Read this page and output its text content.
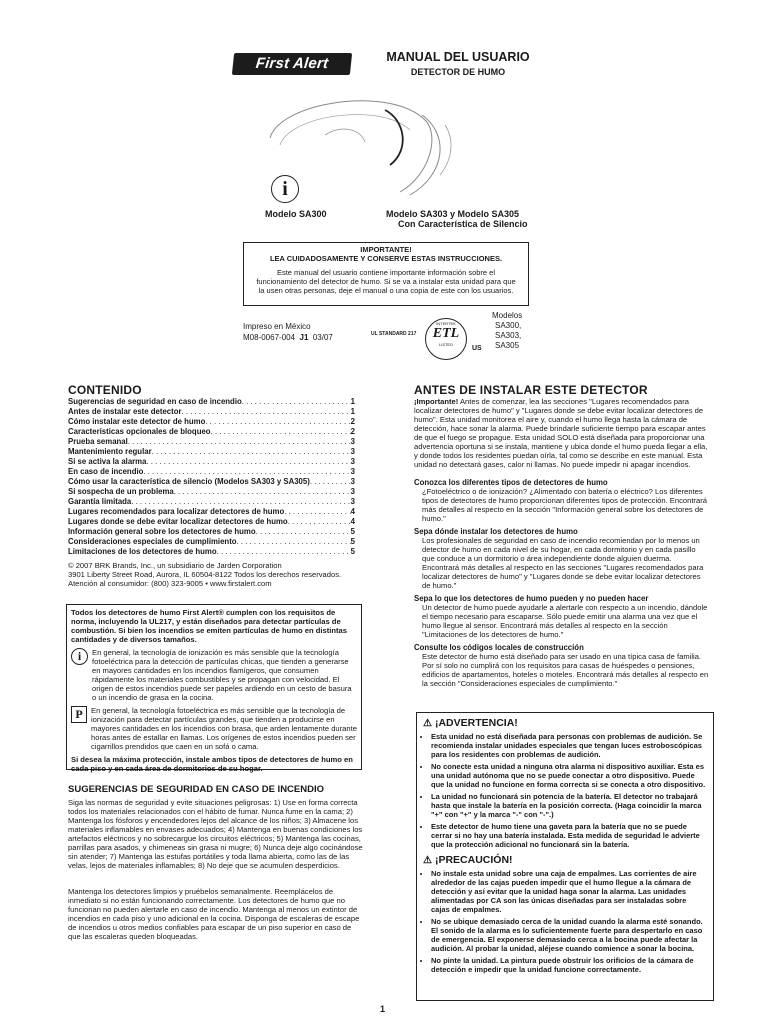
First Alert	MANUAL DEL USUARIO
DETECTOR DE HUMO
i
Modelo SA300	Modelo SA303 y Modelo SA305
Con Característica de Silencio
IMPORTANTE!
LEA CUIDADOSAMENTE Y CONSERVE ESTAS INSTRUCCIONES.
Este manual del usuario contiene importante información sobre el funcionamiento del detector de humo. Si se va a instalar esta unidad para que la usen otras personas, deje el manual o una copia de este con los usuarios.
Impreso en México
M08-0067-004 J1 03/07	UL STANDARD 217
INTERTEK
ETL
LISTED
US
Modelos
SA300,
SA303,
SA305
CONTENIDO
Sugerencias de seguridad en caso de incendio . . .	1
Antes de instalar este detector . . .	1
Cómo instalar este detector de humo . . .	2
Características opcionales de bloqueo . . .	2
Prueba semanal . . .	3
Mantenimiento regular . . .	3
Si se activa la alarma . . .	3
En caso de incendio . . .	3
Cómo usar la característica de silencio (Modelos SA303 y SA305) . . .	3
Si sospecha de un problema . . .	3
Garantía limitada . . .	3
Lugares recomendados para localizar detectores de humo . . .	4
Lugares donde se debe evitar localizar detectores de humo . . .	4
Información general sobre los detectores de humo . . .	5
Consideraciones especiales de cumplimiento . . .	5
Limitaciones de los detectores de humo . . .	5
© 2007 BRK Brands, Inc., un subsidiario de Jarden Corporation
3901 Liberty Street Road, Aurora, IL 60504-8122 Todos los derechos reservados.
Atención al consumidor: (800) 323-9005 • www.firstalert.com
Todos los detectores de humo First Alert® cumplen con los requisitos de norma, incluyendo la UL217, y están diseñados para detectar partículas de combustión. Si bien los incendios se emiten partículas de humo en distintas cantidades y de diversos tamaños.
i	En general, la tecnología de ionización es más sensible que la tecnología fotoeléctrica para la detección de partículas chicas, que tienden a generarse en mayores cantidades en los incendios flamígeros, que consumen rápidamente los materiales combustibles y se propagan con velocidad. El origen de estos incendios puede ser papeles ardiendo en un cesto de basura o un incendio de grasa en la cocina.
P	En general, la tecnología fotoeléctrica es más sensible que la tecnología de ionización para detectar partículas grandes, que tienden a producirse en mayores cantidades en los incendios con brasa, que arden lentamente durante horas antes de estallar en llamas. Los orígenes de estos incendios pueden ser cigarrillos prendidos que caen en un sofá o cama.
Si desea la máxima protección, instale ambos tipos de detectores de humo en cada piso y en cada área de dormitorios de su hogar.
SUGERENCIAS DE SEGURIDAD EN CASO DE INCENDIO
Siga las normas de seguridad y evite situaciones peligrosas: 1) Use en forma correcta todos los materiales relacionados con el hábito de fumar. Nunca fume en la cama; 2) Mantenga los fósforos y encendedores lejos del alcance de los niños; 3) Almacene los materiales inflamables en envases adecuados; 4) Mantenga en buenas condiciones los artefactos eléctricos y no sobrecargue los circuitos eléctricos; 5) Mantenga las cocinas, parrillas para asados, y chimeneas sin grasa ni mugre; 6) Nunca deje algo cocinándose sin atender; 7) Mantenga las estufas portátiles y toda llama abierta, como las de las velas, lejos de materiales inflamables; 8) No deje que se acumulen desperdicios.
Mantenga los detectores limpios y pruébelos semanalmente. Reemplácelos de inmediato si no están funcionando correctamente. Los detectores de humo que no funcionan no pueden alertarle en caso de incendio. Mantenga al menos un extintor de incendios en cada piso y uno adicional en la cocina. Disponga de escaleras de escape de incendios u otros medios confiables para escapar de un piso superior en caso de que las escaleras queden bloqueadas.
ANTES DE INSTALAR ESTE DETECTOR
¡Importante! Antes de comenzar, lea las secciones "Lugares recomendados para localizar detectores de humo" y "Lugares donde se debe evitar localizar detectores de humo". Esta unidad monitorea el aire y, cuando el humo llega hasta la cámara de detección, hace sonar la alarma. Puede brindarle suficiente tiempo para escapar antes de que el fuego se propague. Esta unidad SOLO está diseñada para proporcionar una advertencia oportuna si se instala, mantiene y ubica donde el humo pueda llegar a ella, y donde todos los residentes puedan oírla, tal como se describe en este manual. Esta unidad no detectará gases, calor ni llamas. No puede impedir ni apagar incendios.
Conozca los diferentes tipos de detectores de humo
¿Fotoeléctrico o de ionización? ¿Alimentado con batería o eléctrico? Los diferentes tipos de detectores de humo proporcionan diferentes tipos de protección. Encontrará más detalles al respecto en la sección "Información general sobre los detectores de humo."
Sepa dónde instalar los detectores de humo
Los profesionales de seguridad en caso de incendio recomiendan por lo menos un detector de humo en cada nivel de su hogar, en cada dormitorio y en cada pasillo que conduce a un dormitorio o área independiente donde alguien duerma. Encontrará más detalles al respecto en las secciones "Lugares recomendados para localizar detectores de humo" y "Lugares donde se debe evitar localizar detectores de humo."
Sepa lo que los detectores de humo pueden y no pueden hacer
Un detector de humo puede ayudarle a alertarle con respecto a un incendio, dándole el tiempo necesario para escaparse. Sólo puede emitir una alarma una vez que el humo llegue al sensor. Encontrará más detalles al respecto en la sección "Limitaciones de los detectores de humo."
Consulte los códigos locales de construcción
Este detector de humo está diseñado para ser usado en una típica casa de familia. Por sí solo no cumplirá con los requisitos para casas de huéspedes o pensiones, edificios de apartamentos, hoteles o moteles. Encontrará más detalles al respecto en la sección "Consideraciones especiales de cumplimiento."
⚠ ¡ADVERTENCIA!
• Esta unidad no está diseñada para personas con problemas de audición. Se recomienda instalar unidades especiales que tengan luces estroboscópicas para los residentes con problemas de audición.
• No conecte esta unidad a ninguna otra alarma ni dispositivo auxiliar. Esta es una unidad autónoma que no se puede conectar a otro dispositivo. Puede que la unidad no funcione en forma correcta si se conecta a otro dispositivo.
• La unidad no funcionará sin potencia de la batería. El detector no trabajará hasta que instale la batería en la posición correcta. (Haga coincidir la marca "+" con "+" y la marca "-" con "-".)
• Este detector de humo tiene una gaveta para la batería que no se puede cerrar si no hay una batería instalada. Esta medida de seguridad le advierte que la protección adicional no funcionará sin la batería.
⚠ ¡PRECAUCIÓN!
• No instale esta unidad sobre una caja de empalmes. Las corrientes de aire alrededor de las cajas pueden impedir que el humo llegue a la cámara de detección y así evitar que la unidad haga sonar la alarma. Las unidades alimentadas por CA son las únicas diseñadas para ser instaladas sobre cajas de empalmes.
• No se ubique demasiado cerca de la unidad cuando la alarma esté sonando. El sonido de la alarma es lo suficientemente fuerte para despertarlo en caso de emergencia. El exponerse demasiado cerca a la bocina puede afectar la audición. Al probar la unidad, aléjese cuando comience a sonar la bocina.
• No pinte la unidad. La pintura puede obstruir los orificios de la cámara de detección e impedir que la unidad funcione correctamente.
1
